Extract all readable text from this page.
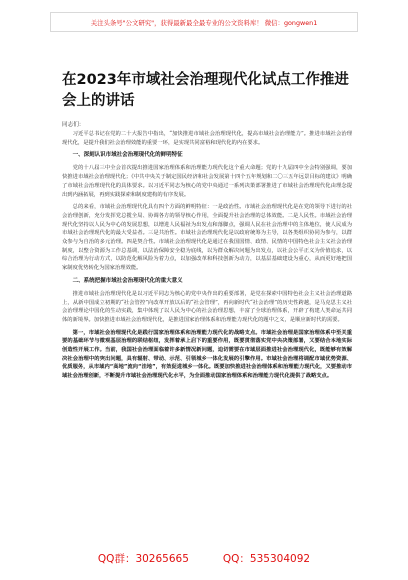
关注头条号"公文研究"，获得最新最全最专业的公文资料库！ 微信：gongwen1
在2023年市域社会治理现代化试点工作推进会上的讲话
同志们：

习近平总书记在党的二十大报告中指出，“加快推进市域社会治理现代化，提高市域社会治理能力”。推进市域社会治理现代化，是提升我们社会治理效能的重要一环，是实现共同富裕和现代化的内在要求。

一、深刻认识市域社会治理现代化的鲜明特征

党的十八届三中全会首次提出推进国家治理体系和治理能力现代化这个重大命题；党的十九届四中全会特别强调，要加快推进市域社会治理现代化；《中共中央关于制定国民经济和社会发展第十四个五年规划和二〇三五年远景目标的建议》明确了市域社会治理现代化的具体要求。以习近平同志为核心的党中央通过一系列决策部署推进了市域社会治理现代化由理念提出到内涵拓展，再到实践探索和制度建构的有序发展。

总的来看，市域社会治理现代化具有四个方面的鲜明特征：一是政治性。市域社会治理现代化是在党的领导下进行的社会治理创新，充分发挥党总揽全局、协调各方的领导核心作用，全面提升社会治理的总体效能。二是人民性。市域社会治理现代化坚持以人民为中心的发展思想，以增进人民福祉为出发点和落脚点，强调人民在社会治理中的主体地位，使人民成为市域社会治理现代化的最大受益者。三是共治性。市域社会治理现代化是以政府统筹为主导，以各类组织协同为参与，以群众参与为自治的多元治理。四是契合性。市域社会治理现代化是通过在我国国情、政情、民情的中国特色社会主义社会治理制度，以整合资源为工作总基调，以法治保障安全稳为底线，以为群众解决问题为出发点，以社会公平正义为价值追求，以综合治理为行动方式，以防范化解风险为着力点，以加强改革和科技创新为动力，以基层基础建设为重心，从而更好地把国家制度优势转化为国家治理效能。

二、系统把握市域社会治理现代化的重大意义

推进市域社会治理现代化是以习近平同志为核心的党中央作出的重要部署，是党在探索中国特色社会主义社会治理道路上，从新中国成立初期的“社会管控”向改革开放以后的“社会管理”，再向新时代“社会治理”的历史性跨越，是马克思主义社会治理理论中国化的生动实践，集中体现了以人民为中心的社会治理思想，丰富了全球治理体系，开辟了构建人类命运共同体的新境界。加快推进市域社会治理现代化，是推进国家治理体系和治理能力现代化的题中之义，是顺应新时代的需要。

第一，市域社会治理现代化是践行国家治理体系和治理能力现代化的战略支点。市域社会治理是国家治理体系中至关重要的基础环节与微观基层治理的联结枢纽，发挥着承上启下的重要作用，既要贯彻落实党中央决策部署，又要结合本地实际创造性开展工作。当前，我国社会治理面临着许多新情况新问题，迫切需要在市域层面推进社会治理现代化，既能够有效解决社会治理中的突出问题，具有辐射、带动、示范、引领城乡一体化发展的引擎作用。市域社会治理将调配市域优势资源、优质服务，从市域内“高地”流向“洼地”，有效促进城乡一体化。既要加快推进社会治理体系和治理能力现代化，又要推动市域社会治理创新，不断提升市域社会治理现代化水平，为全面推动国家治理体系和治理能力现代化提供了战略支点。

QQ群：30265665	QQ：535304092
